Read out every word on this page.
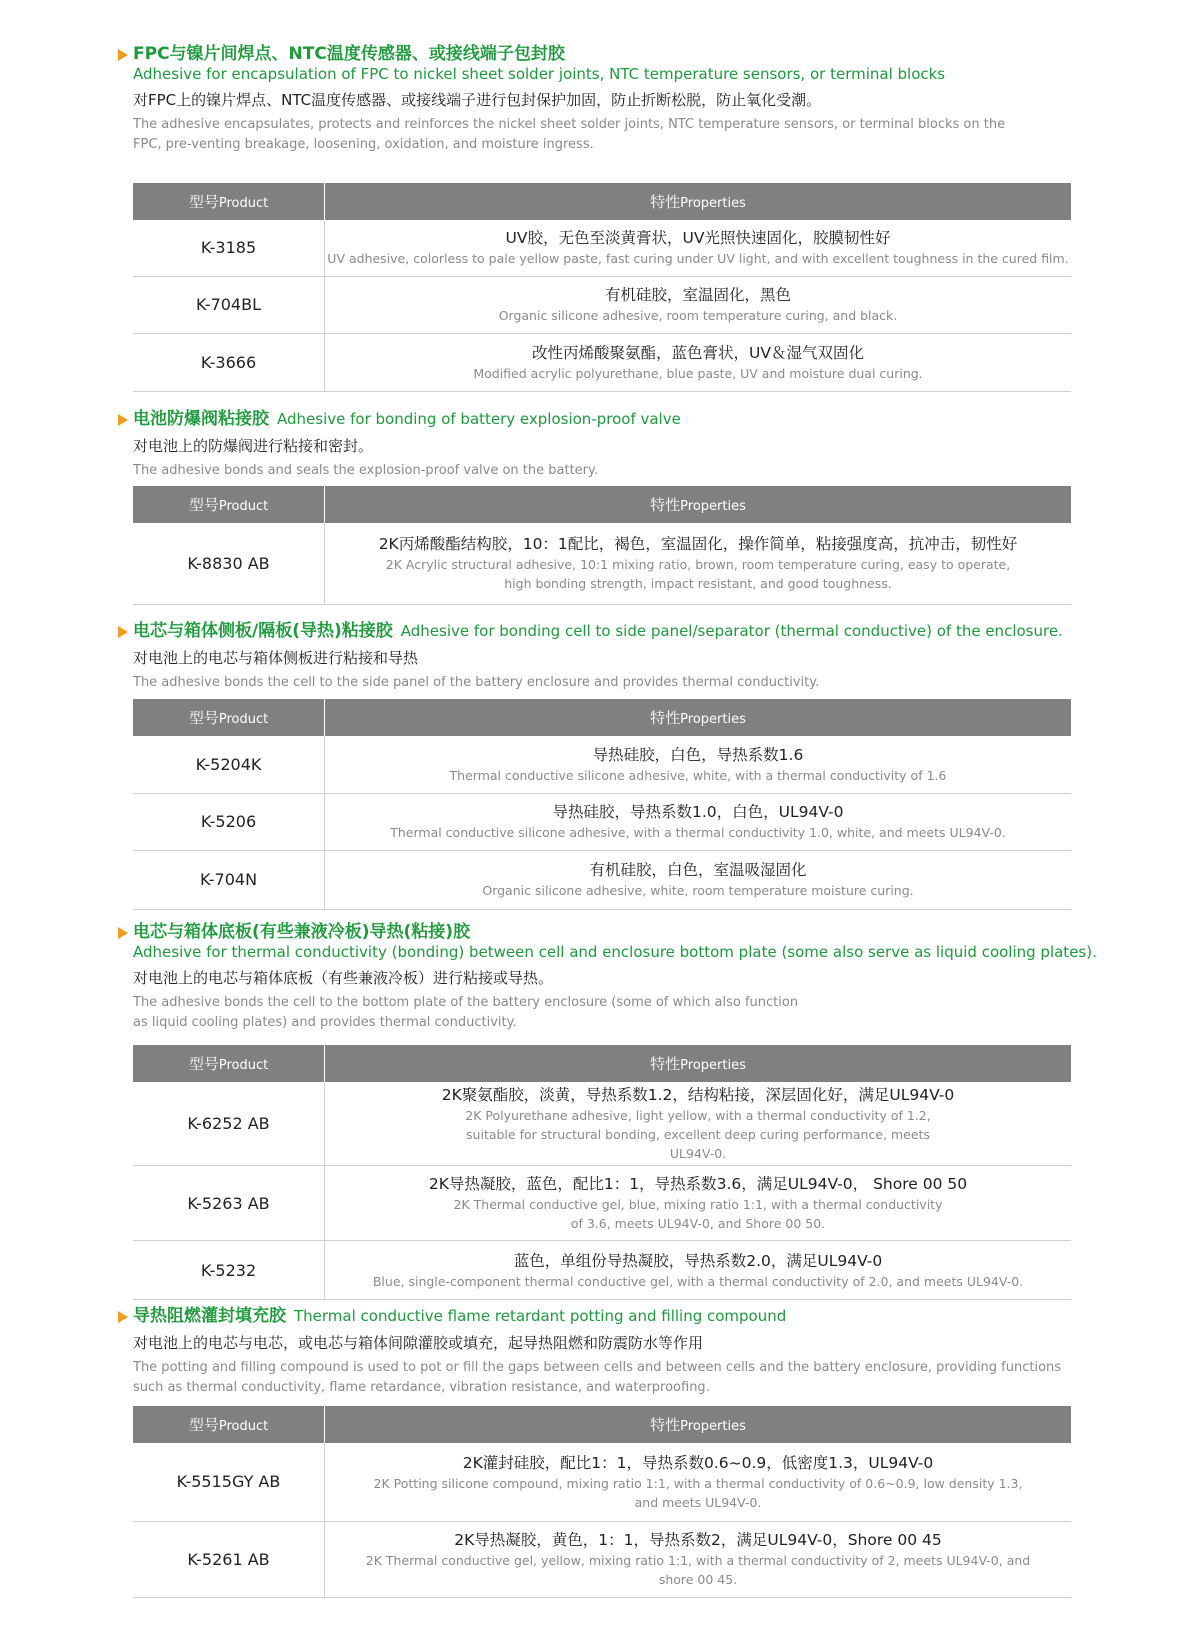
FPC与镍片间焊点、NTC温度传感器、或接线端子包封胶
Adhesive for encapsulation of FPC to nickel sheet solder joints, NTC temperature sensors, or terminal blocks
对FPC上的镍片焊点、NTC温度传感器、或接线端子进行包封保护加固，防止折断松脱，防止氧化受潮。
The adhesive encapsulates, protects and reinforces the nickel sheet solder joints, NTC temperature sensors, or terminal blocks on the FPC, pre-venting breakage, loosening, oxidation, and moisture ingress.
型号Product	特性Properties
K-3185	UV胶，无色至淡黄膏状，UV光照快速固化，胶膜韧性好
UV adhesive, colorless to pale yellow paste, fast curing under UV light, and with excellent toughness in the cured film.

K-704BL	有机硅胶，室温固化，黑色
Organic silicone adhesive, room temperature curing, and black.

K-3666	改性丙烯酸聚氨酯，蓝色膏状，UV＆湿气双固化
Modified acrylic polyurethane, blue paste, UV and moisture dual curing.
电池防爆阀粘接胶 Adhesive for bonding of battery explosion-proof valve
对电池上的防爆阀进行粘接和密封。
The adhesive bonds and seals the explosion-proof valve on the battery.
型号Product	特性Properties
K-8830 AB	2K丙烯酸酯结构胶，10：1配比，褐色，室温固化，操作简单，粘接强度高，抗冲击，韧性好
2K Acrylic structural adhesive, 10:1 mixing ratio, brown, room temperature curing, easy to operate, high bonding strength, impact resistant, and good toughness.
电芯与箱体侧板/隔板(导热)粘接胶 Adhesive for bonding cell to side panel/separator (thermal conductive) of the enclosure.
对电池上的电芯与箱体侧板进行粘接和导热
The adhesive bonds the cell to the side panel of the battery enclosure and provides thermal conductivity.
型号Product	特性Properties
K-5204K	导热硅胶，白色，导热系数1.6
Thermal conductive silicone adhesive, white, with a thermal conductivity of 1.6

K-5206	导热硅胶，导热系数1.0，白色，UL94V-0
Thermal conductive silicone adhesive, with a thermal conductivity 1.0, white, and meets UL94V-0.

K-704N	有机硅胶，白色，室温吸湿固化
Organic silicone adhesive, white, room temperature moisture curing.
电芯与箱体底板(有些兼液冷板)导热(粘接)胶
Adhesive for thermal conductivity (bonding) between cell and enclosure bottom plate (some also serve as liquid cooling plates).
对电池上的电芯与箱体底板（有些兼液冷板）进行粘接或导热。
The adhesive bonds the cell to the bottom plate of the battery enclosure (some of which also function as liquid cooling plates) and provides thermal conductivity.
型号Product	特性Properties
K-6252 AB	2K聚氨酯胶，淡黄，导热系数1.2，结构粘接，深层固化好，满足UL94V-0
2K Polyurethane adhesive, light yellow, with a thermal conductivity of 1.2, suitable for structural bonding, excellent deep curing performance, meets UL94V-0.

K-5263 AB	2K导热凝胶，蓝色，配比1：1，导热系数3.6，满足UL94V-0， Shore 00 50
2K Thermal conductive gel, blue, mixing ratio 1:1, with a thermal conductivity of 3.6, meets UL94V-0, and Shore 00 50.

K-5232	蓝色，单组份导热凝胶，导热系数2.0，满足UL94V-0
Blue, single-component thermal conductive gel, with a thermal conductivity of 2.0, and meets UL94V-0.
导热阻燃灌封填充胶 Thermal conductive flame retardant potting and filling compound
对电池上的电芯与电芯，或电芯与箱体间隙灌胶或填充，起导热阻燃和防震防水等作用
The potting and filling compound is used to pot or fill the gaps between cells and between cells and the battery enclosure, providing functions such as thermal conductivity, flame retardance, vibration resistance, and waterproofing.
型号Product	特性Properties
K-5515GY AB	2K灌封硅胶，配比1：1，导热系数0.6~0.9，低密度1.3，UL94V-0
2K Potting silicone compound, mixing ratio 1:1, with a thermal conductivity of 0.6~0.9, low density 1.3, and meets UL94V-0.

K-5261 AB	2K导热凝胶，黄色，1：1，导热系数2，满足UL94V-0，Shore 00 45
2K Thermal conductive gel, yellow, mixing ratio 1:1, with a thermal conductivity of 2, meets UL94V-0, and shore 00 45.
